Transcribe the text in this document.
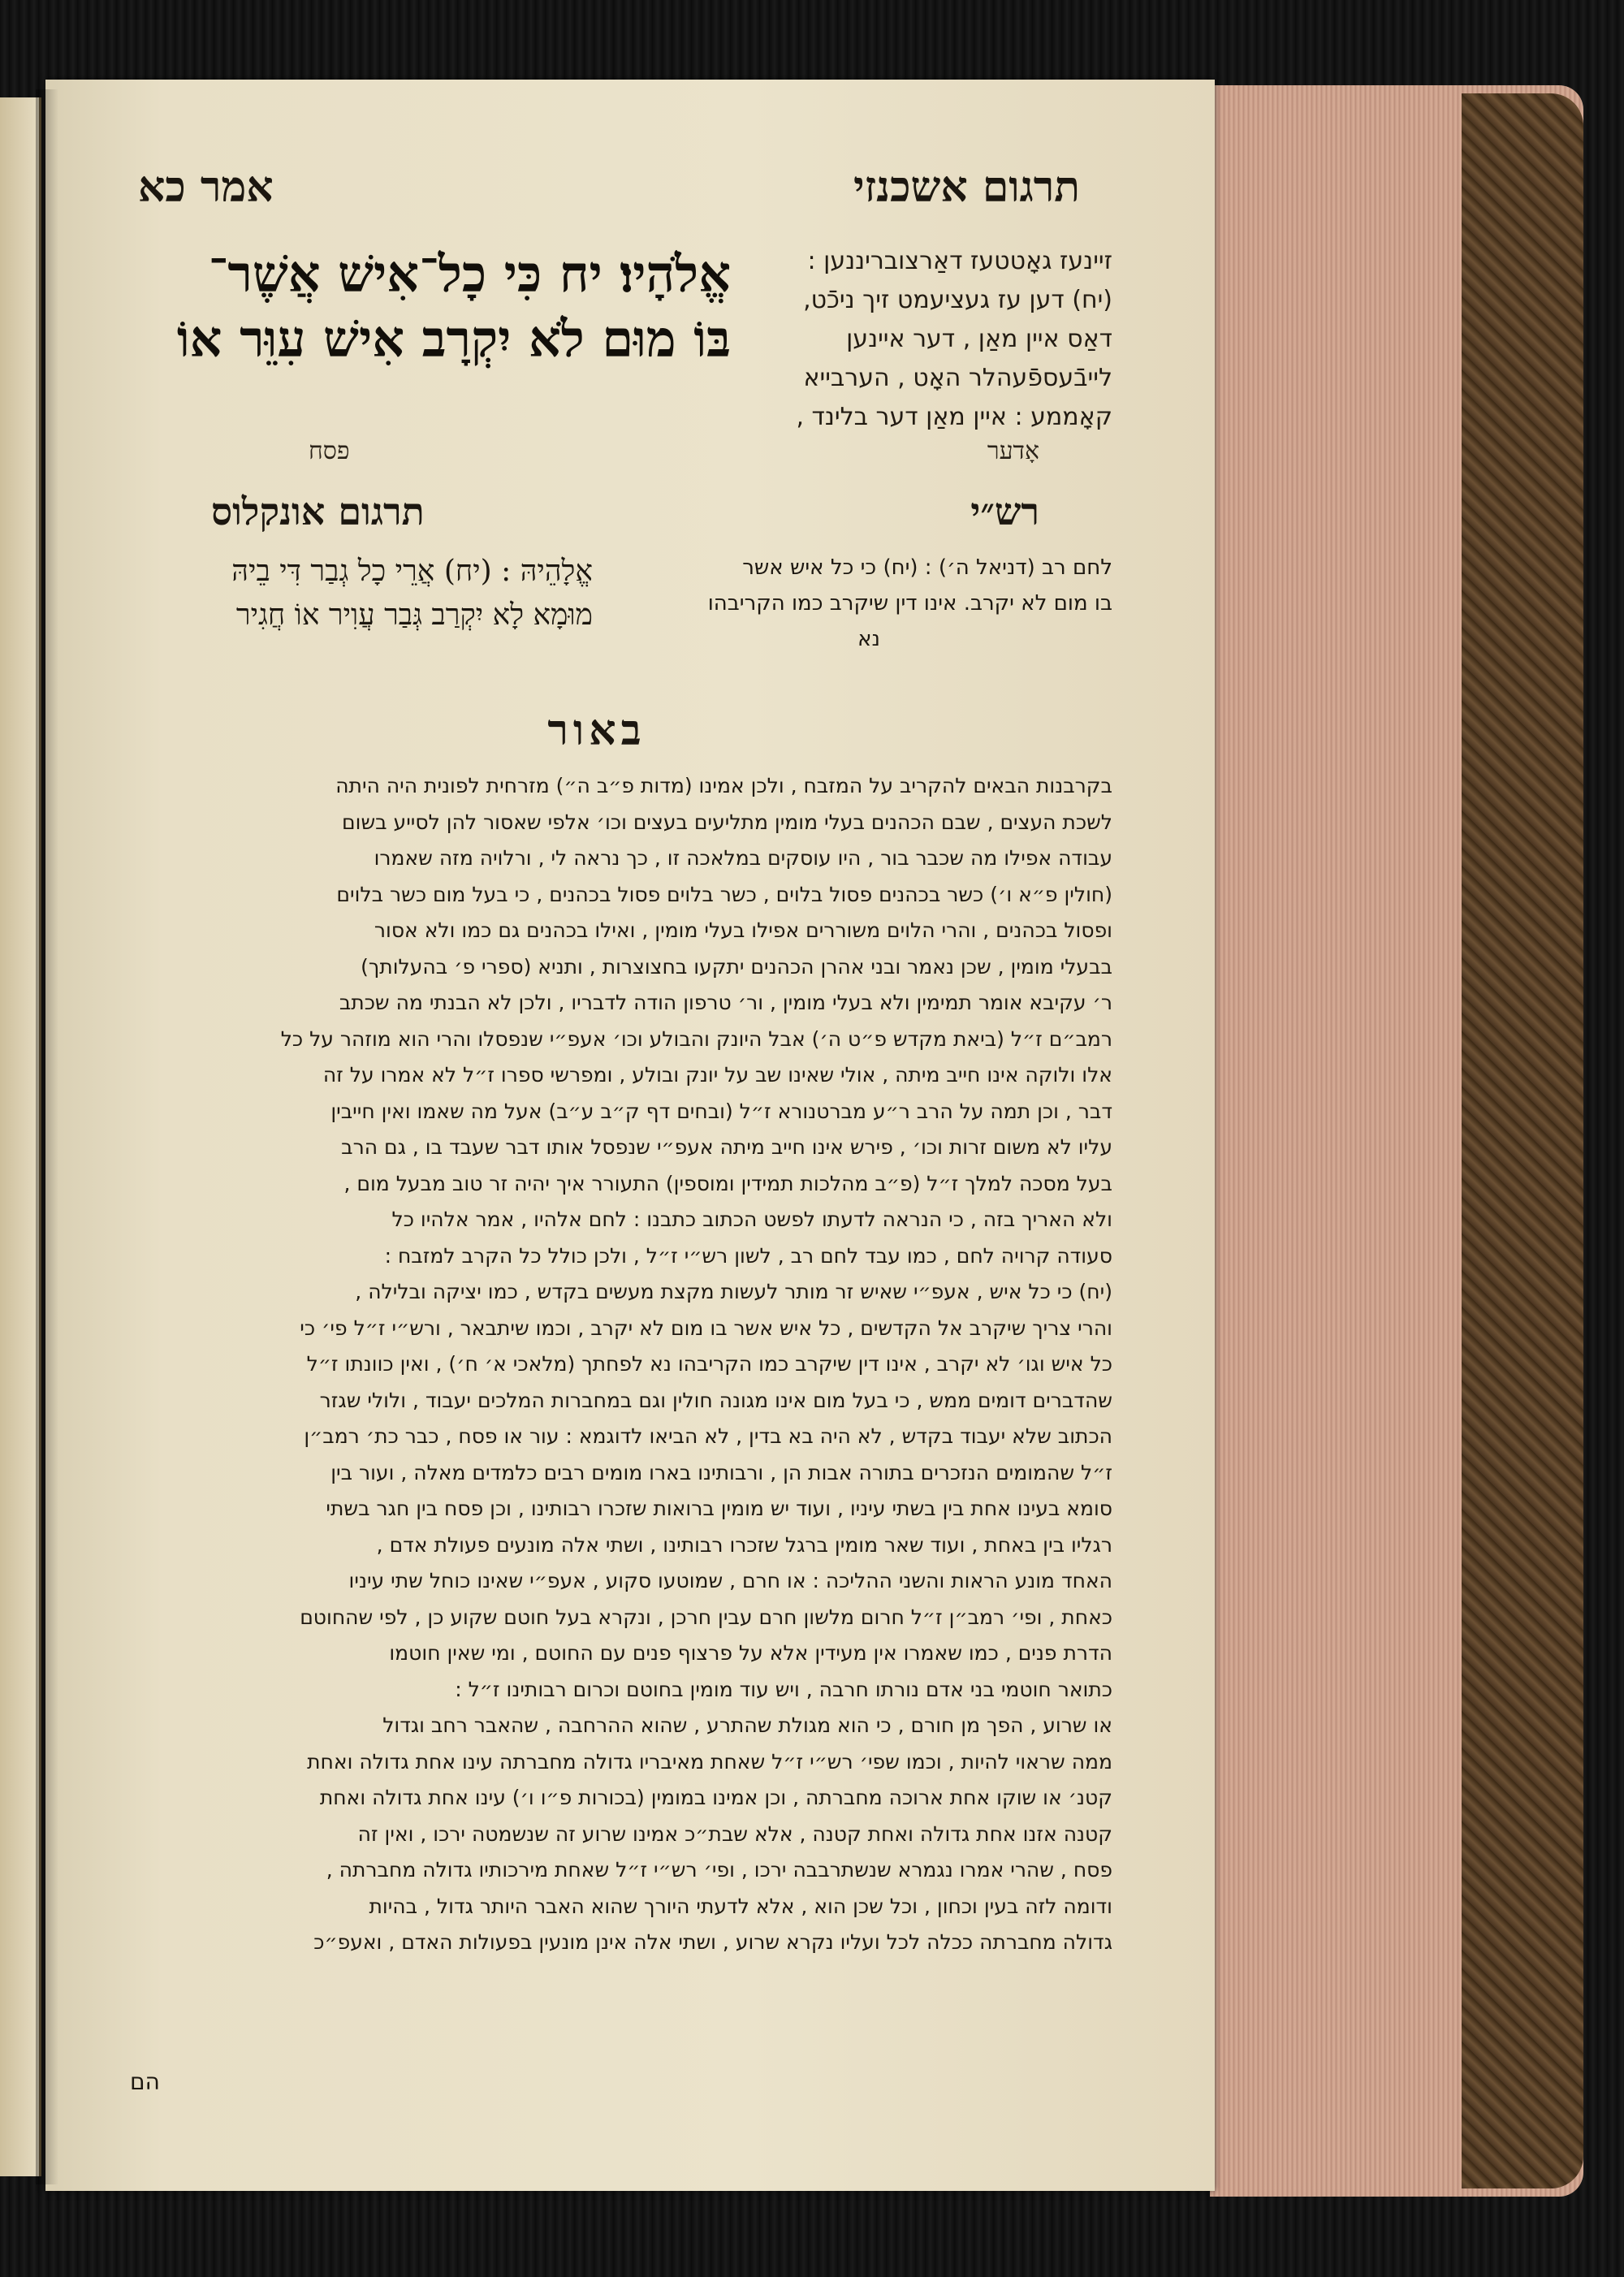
תרגום אשכנזי
אמר כא
זיינעז גאָטטעז דאַרצובריננען :
(יח) דען עז געציעמט זיך ניכֿט,
דאַס איין מאַן , דער איינען
לייבֿעספֿעהלר האָט , הערבייא
קאָממע : איין מאַן דער בלינד ,
אֱלֹהָיו׃ יח כִּי כָל־אִישׁ אֲשֶׁר־
בּוֹ מוּם לֹא יִקְרָב אִישׁ עִוֵּר אוֹ
אָדער
פסח
רש״י
תרגום אונקלוס
לחם רב (דניאל ה׳) : (יח) כי כל איש אשר
בו מום לא יקרב. אינו דין שיקרב כמו הקריבהו
נא
אֱלָהֵיהּ : (יח) אֲרֵי כָל גְבַר דִּי בֵיהּ
מוּמָא לָא יִקְרַב גְּבַר עֲוִיר אוֹ חֲגִיר
באור
בקרבנות הבאים להקריב על המזבח , ולכן אמינו (מדות פ״ב ה״) מזרחית לפונית היה היתה
לשכת העצים , שבם הכהנים בעלי מומין מתליעים בעצים וכו׳ אלפי שאסור להן לסייע בשום
עבודה אפילו מה שכבר בור , היו עוסקים במלאכה זו , כך נראה לי , ורלויה מזה שאמרו
(חולין פ״א ו׳) כשר בכהנים פסול בלוים , כשר בלוים פסול בכהנים , כי בעל מום כשר בלוים
ופסול בכהנים , והרי הלוים משוררים אפילו בעלי מומין , ואילו בכהנים גם כמו ולא אסור
בבעלי מומין , שכן נאמר ובני אהרן הכהנים יתקעו בחצוצרות , ותניא (ספרי פ׳ בהעלותך)
ר׳ עקיבא אומר תמימין ולא בעלי מומין , ור׳ טרפון הודה לדבריו , ולכן לא הבנתי מה שכתב
רמב״ם ז״ל (ביאת מקדש פ״ט ה׳) אבל היונק והבולע וכו׳ אעפ״י שנפסלו והרי הוא מוזהר על כל
אלו ולוקה אינו חייב מיתה , אולי שאינו שב על יונק ובולע , ומפרשי ספרו ז״ל לא אמרו על זה
דבר , וכן תמה על הרב ר״ע מברטנורא ז״ל (ובחים דף ק״ב ע״ב) אעל מה שאמו ואין חייבין
עליו לא משום זרות וכו׳ , פירש אינו חייב מיתה אעפ״י שנפסל אותו דבר שעבד בו , גם הרב
בעל מסכה למלך ז״ל (פ״ב מהלכות תמידין ומוספין) התעורר איך יהיה זר טוב מבעל מום ,
ולא האריך בזה , כי הנראה לדעתו לפשט הכתוב כתבנו : לחם אלהיו , אמר אלהיו כל
סעודה קרויה לחם , כמו עבד לחם רב , לשון רש״י ז״ל , ולכן כולל כל הקרב למזבח :
(יח) כי כל איש , אעפ״י שאיש זר מותר לעשות מקצת מעשים בקדש , כמו יציקה ובלילה ,
והרי צריך שיקרב אל הקדשים , כל איש אשר בו מום לא יקרב , וכמו שיתבאר , ורש״י ז״ל פי׳ כי
כל איש וגו׳ לא יקרב , אינו דין שיקרב כמו הקריבהו נא לפחתך (מלאכי א׳ ח׳) , ואין כוונתו ז״ל
שהדברים דומים ממש , כי בעל מום אינו מגונה חולין וגם במחברות המלכים יעבוד , ולולי שגזר
הכתוב שלא יעבוד בקדש , לא היה בא בדין , לא הביאו לדוגמא : עור או פסח , כבר כת׳ רמב״ן
ז״ל שהמומים הנזכרים בתורה אבות הן , ורבותינו בארו מומים רבים כלמדים מאלה , ועור בין
סומא בעינו אחת בין בשתי עיניו , ועוד יש מומין ברואות שזכרו רבותינו , וכן פסח בין חגר בשתי
רגליו בין באחת , ועוד שאר מומין ברגל שזכרו רבותינו , ושתי אלה מונעים פעולת אדם ,
האחד מונע הראות והשני ההליכה : או חרם , שמוטעו סקוע , אעפ״י שאינו כוחל שתי עיניו
כאחת , ופי׳ רמב״ן ז״ל חרום מלשון חרם עבין חרכן , ונקרא בעל חוטם שקוע כן , לפי שהחוטם
הדרת פנים , כמו שאמרו אין מעידין אלא על פרצוף פנים עם החוטם , ומי שאין חוטמו
כתואר חוטמי בני אדם נורתו חרבה , ויש עוד מומין בחוטם וכרום רבותינו ז״ל :
או שרוע , הפך מן חורם , כי הוא מגולת שהתרע , שהוא ההרחבה , שהאבר רחב וגדול
ממה שראוי להיות , וכמו שפי׳ רש״י ז״ל שאחת מאיבריו גדולה מחברתה עינו אחת גדולה ואחת
קטנ׳ או שוקו אחת ארוכה מחברתה , וכן אמינו במומין (בכורות פ״ו ו׳) עינו אחת גדולה ואחת
קטנה אזנו אחת גדולה ואחת קטנה , אלא שבת״כ אמינו שרוע זה שנשמטה ירכו , ואין זה
פסח , שהרי אמרו נגמרא שנשתרבבה ירכו , ופי׳ רש״י ז״ל שאחת מירכותיו גדולה מחברתה ,
ודומה לזה בעין וכחון , וכל שכן הוא , אלא לדעתי היורך שהוא האבר היותר גדול , בהיות
גדולה מחברתה ככלה לכל ועליו נקרא שרוע , ושתי אלה אינן מונעין בפעולות האדם , ואעפ״כ
הם
